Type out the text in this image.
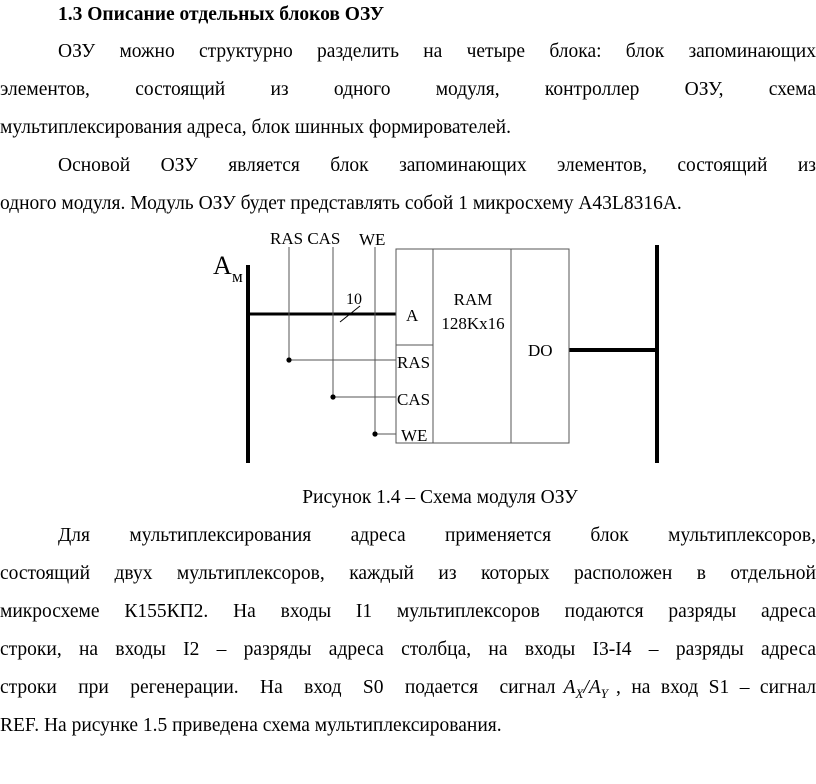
1.3 Описание отдельных блоков ОЗУ
ОЗУ можно структурно разделить на четыре блока: блок запоминающих
элементов, состоящий из одного модуля, контроллер ОЗУ, схема
мультиплексирования адреса, блок шинных формирователей.
Основой ОЗУ является блок запоминающих элементов, состоящий из
одного модуля. Модуль ОЗУ будет представлять собой 1 микросхему A43L8316A.
RAS CAS WE
A м
10
A
RAS
CAS
WE
RAM
128Kx16
DO
Рисунок 1.4 – Схема модуля ОЗУ
Для мультиплексирования адреса применяется блок мультиплексоров,
состоящий двух мультиплексоров, каждый из которых расположен в отдельной
микросхеме К155КП2. На входы I1 мультиплексоров подаются разряды адреса
строки, на входы I2 – разряды адреса столбца, на входы I3-I4 – разряды адреса
строки при регенерации. На вход S0 подается сигнал $A_X/A_Y$ , на вход S1 – сигнал
REF. На рисунке 1.5 приведена схема мультиплексирования.
